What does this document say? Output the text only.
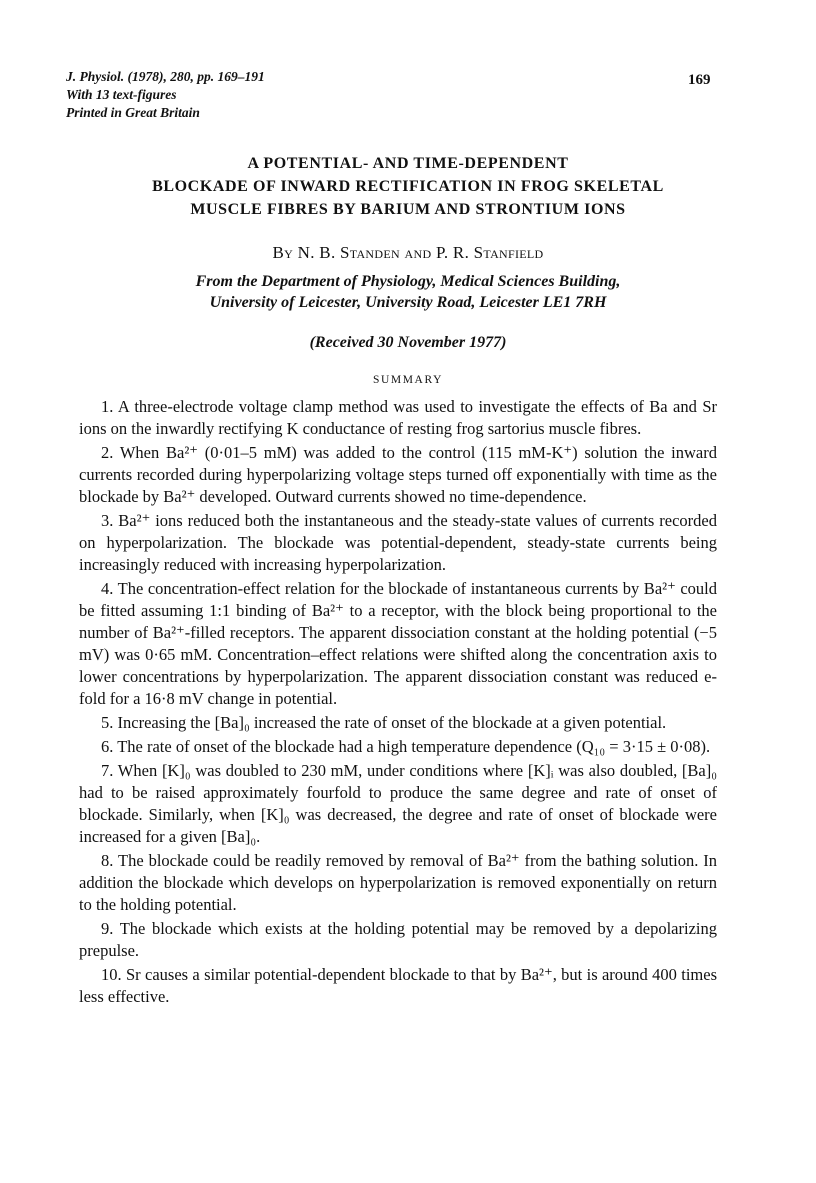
J. Physiol. (1978), 280, pp. 169–191
With 13 text-figures
Printed in Great Britain
169
A POTENTIAL- AND TIME-DEPENDENT
BLOCKADE OF INWARD RECTIFICATION IN FROG SKELETAL
MUSCLE FIBRES BY BARIUM AND STRONTIUM IONS
By N. B. Standen and P. R. Stanfield
From the Department of Physiology, Medical Sciences Building,
University of Leicester, University Road, Leicester LE1 7RH
(Received 30 November 1977)
SUMMARY

1. A three-electrode voltage clamp method was used to investigate the effects of Ba and Sr ions on the inwardly rectifying K conductance of resting frog sartorius muscle fibres.

2. When Ba²⁺ (0·01–5 mM) was added to the control (115 mM-K⁺) solution the inward currents recorded during hyperpolarizing voltage steps turned off exponentially with time as the blockade by Ba²⁺ developed. Outward currents showed no time-dependence.

3. Ba²⁺ ions reduced both the instantaneous and the steady-state values of currents recorded on hyperpolarization. The blockade was potential-dependent, steady-state currents being increasingly reduced with increasing hyperpolarization.

4. The concentration-effect relation for the blockade of instantaneous currents by Ba²⁺ could be fitted assuming 1:1 binding of Ba²⁺ to a receptor, with the block being proportional to the number of Ba²⁺-filled receptors. The apparent dissociation constant at the holding potential (−5 mV) was 0·65 mM. Concentration–effect relations were shifted along the concentration axis to lower concentrations by hyperpolarization. The apparent dissociation constant was reduced e-fold for a 16·8 mV change in potential.

5. Increasing the [Ba]₀ increased the rate of onset of the blockade at a given potential.

6. The rate of onset of the blockade had a high temperature dependence (Q₁₀ = 3·15 ± 0·08).

7. When [K]₀ was doubled to 230 mM, under conditions where [K]ᵢ was also doubled, [Ba]₀ had to be raised approximately fourfold to produce the same degree and rate of onset of blockade. Similarly, when [K]₀ was decreased, the degree and rate of onset of blockade were increased for a given [Ba]₀.

8. The blockade could be readily removed by removal of Ba²⁺ from the bathing solution. In addition the blockade which develops on hyperpolarization is removed exponentially on return to the holding potential.

9. The blockade which exists at the holding potential may be removed by a depolarizing prepulse.

10. Sr causes a similar potential-dependent blockade to that by Ba²⁺, but is around 400 times less effective.
